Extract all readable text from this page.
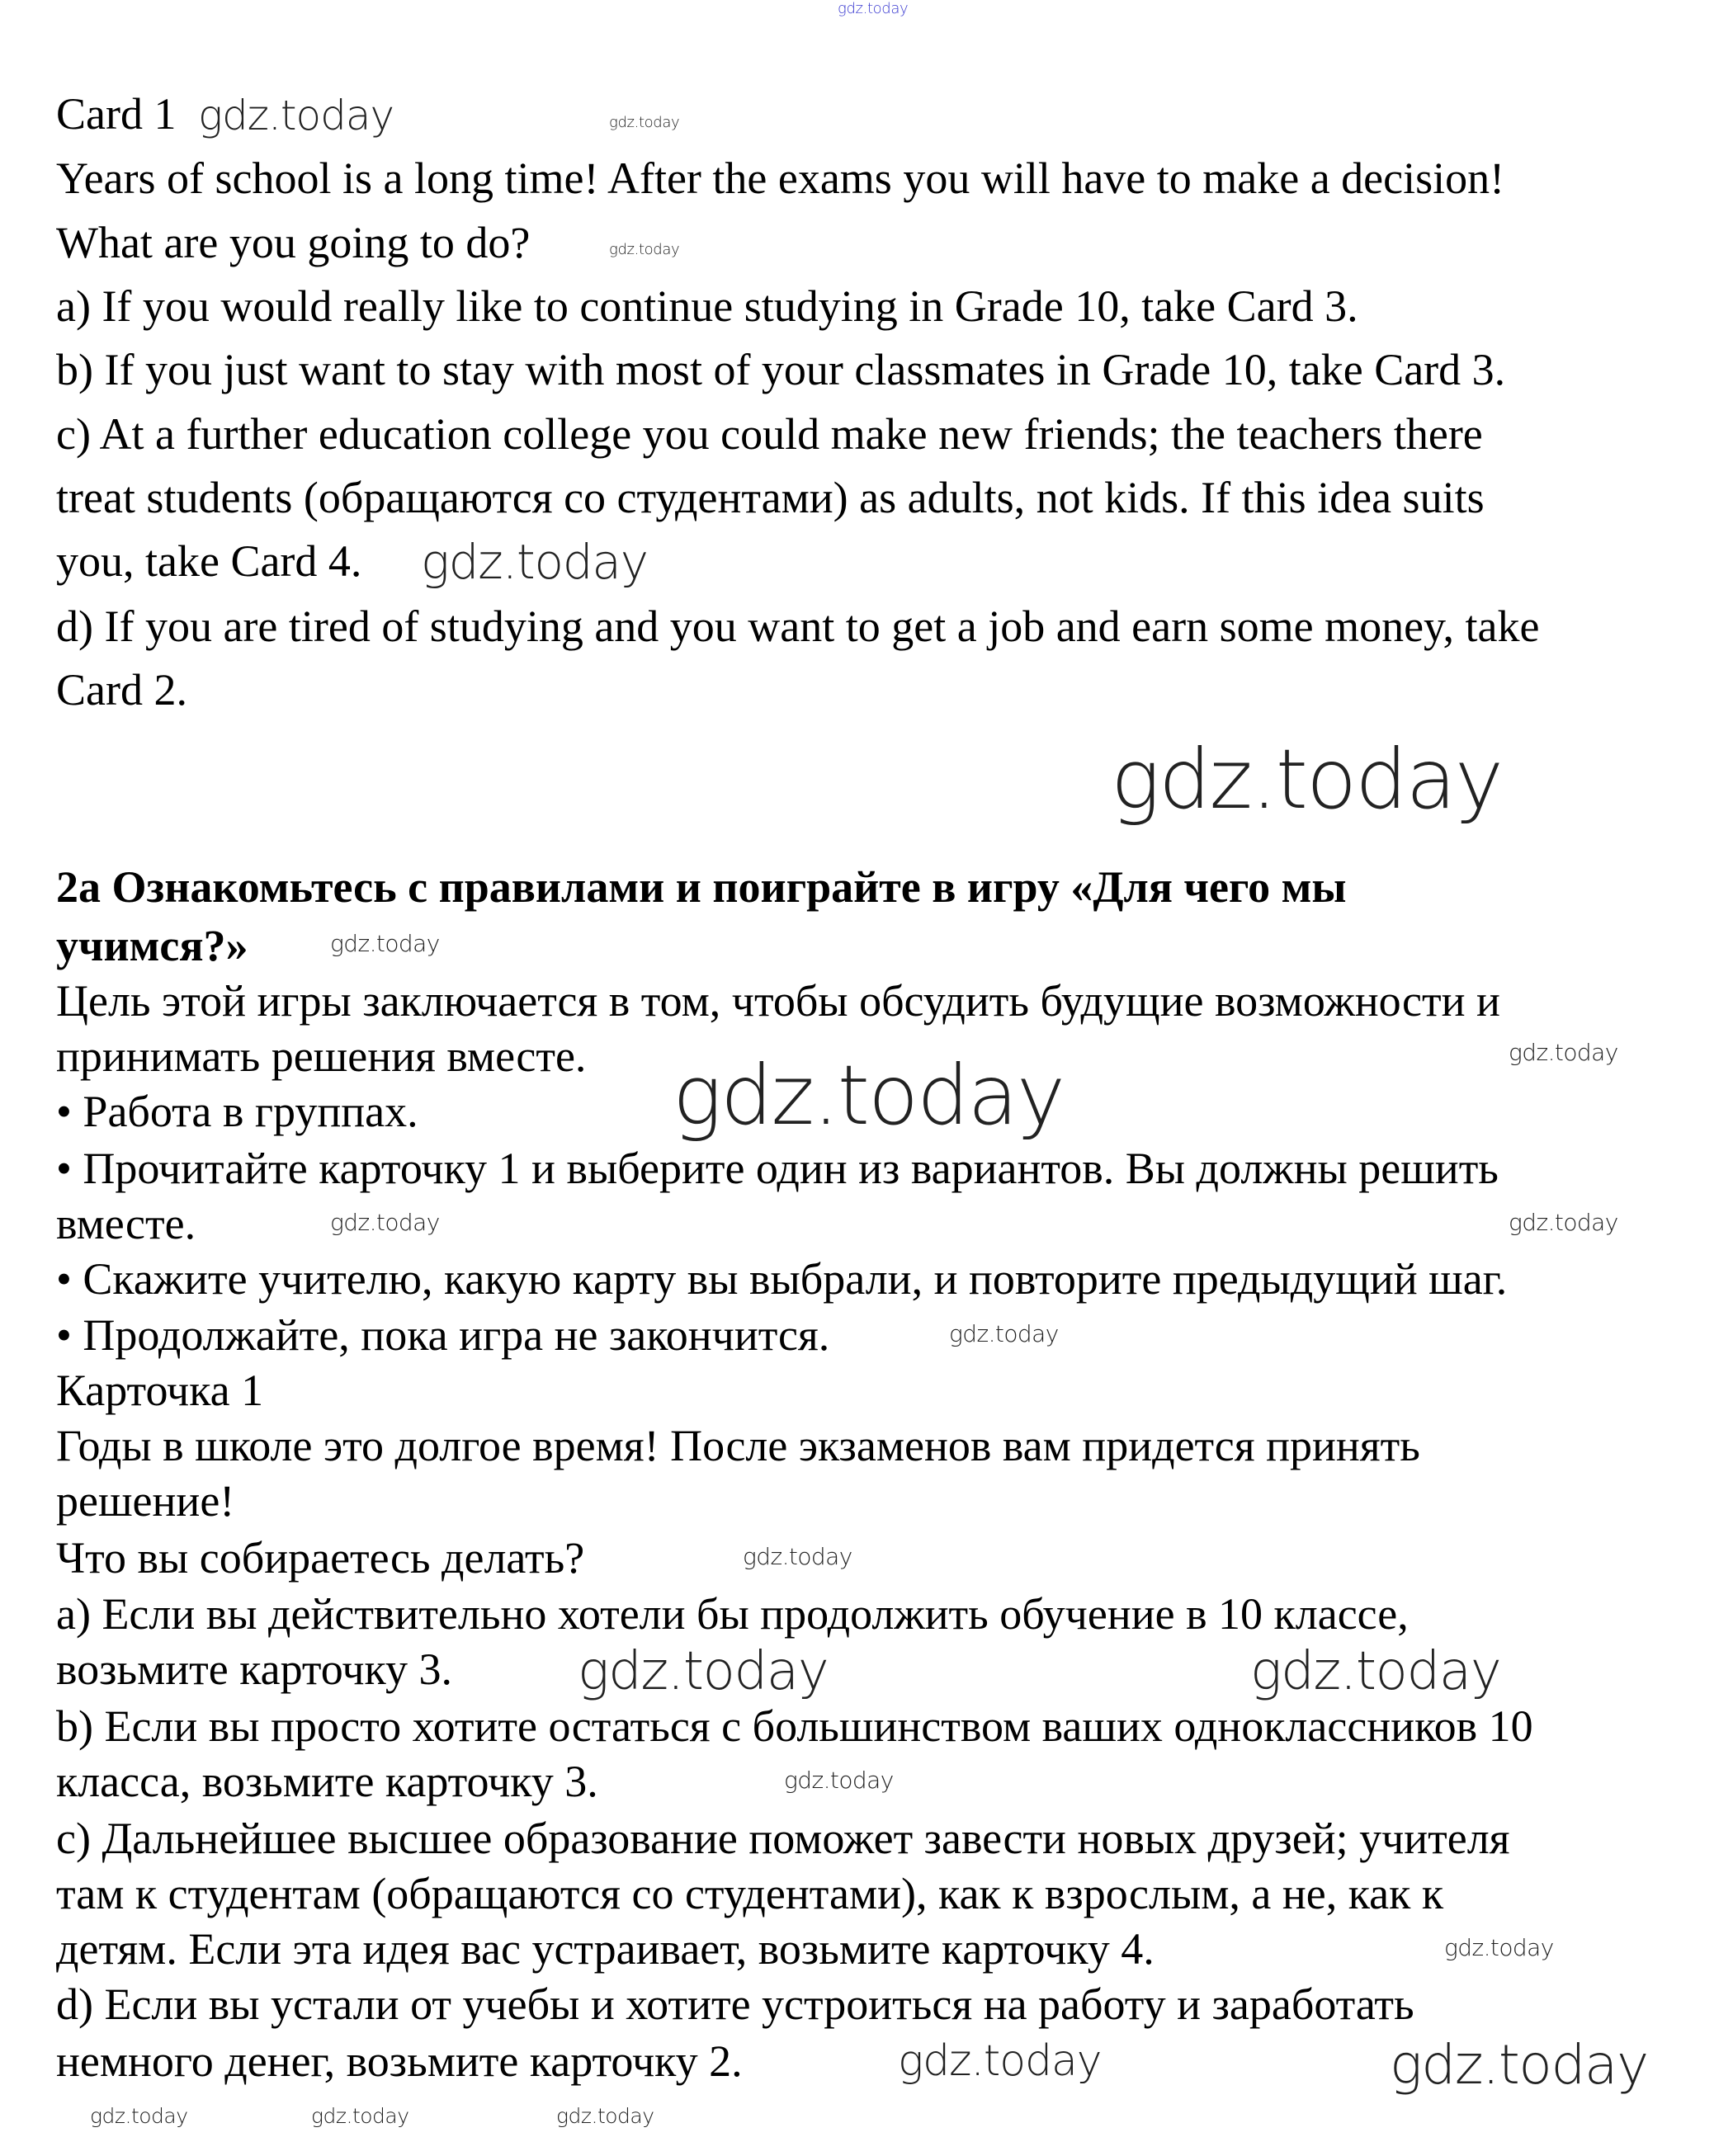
Card 1
Years of school is a long time! After the exams you will have to make a decision!
What are you going to do?
a) If you would really like to continue studying in Grade 10, take Card 3.
b) If you just want to stay with most of your classmates in Grade 10, take Card 3.
c) At a further education college you could make new friends; the teachers there
treat students (обращаются со студентами) as adults, not kids. If this idea suits
you, take Card 4.
d) If you are tired of studying and you want to get a job and earn some money, take
Card 2.
2a Ознакомьтесь с правилами и поиграйте в игру «Для чего мы
учимся?»
Цель этой игры заключается в том, чтобы обсудить будущие возможности и
принимать решения вместе.
• Работа в группах.
• Прочитайте карточку 1 и выберите один из вариантов. Вы должны решить
вместе.
• Скажите учителю, какую карту вы выбрали, и повторите предыдущий шаг.
• Продолжайте, пока игра не закончится.
Карточка 1
Годы в школе это долгое время! После экзаменов вам придется принять
решение!
Что вы собираетесь делать?
а) Если вы действительно хотели бы продолжить обучение в 10 классе,
возьмите карточку 3.
b) Если вы просто хотите остаться с большинством ваших одноклассников 10
класса, возьмите карточку 3.
c) Дальнейшее высшее образование поможет завести новых друзей; учителя
там к студентам (обращаются со студентами), как к взрослым, а не, как к
детям. Если эта идея вас устраивает, возьмите карточку 4.
d) Если вы устали от учебы и хотите устроиться на работу и заработать
немного денег, возьмите карточку 2.
gdz.today
gdz.today	gdz.today
gdz.today
gdz.today
gdz.today
gdz.today
gdz.today
gdz.today
gdz.today	gdz.today
gdz.today
gdz.today
gdz.today	gdz.today
gdz.today
gdz.today
gdz.today	gdz.today	gdz.today
gdz.today	gdz.today
